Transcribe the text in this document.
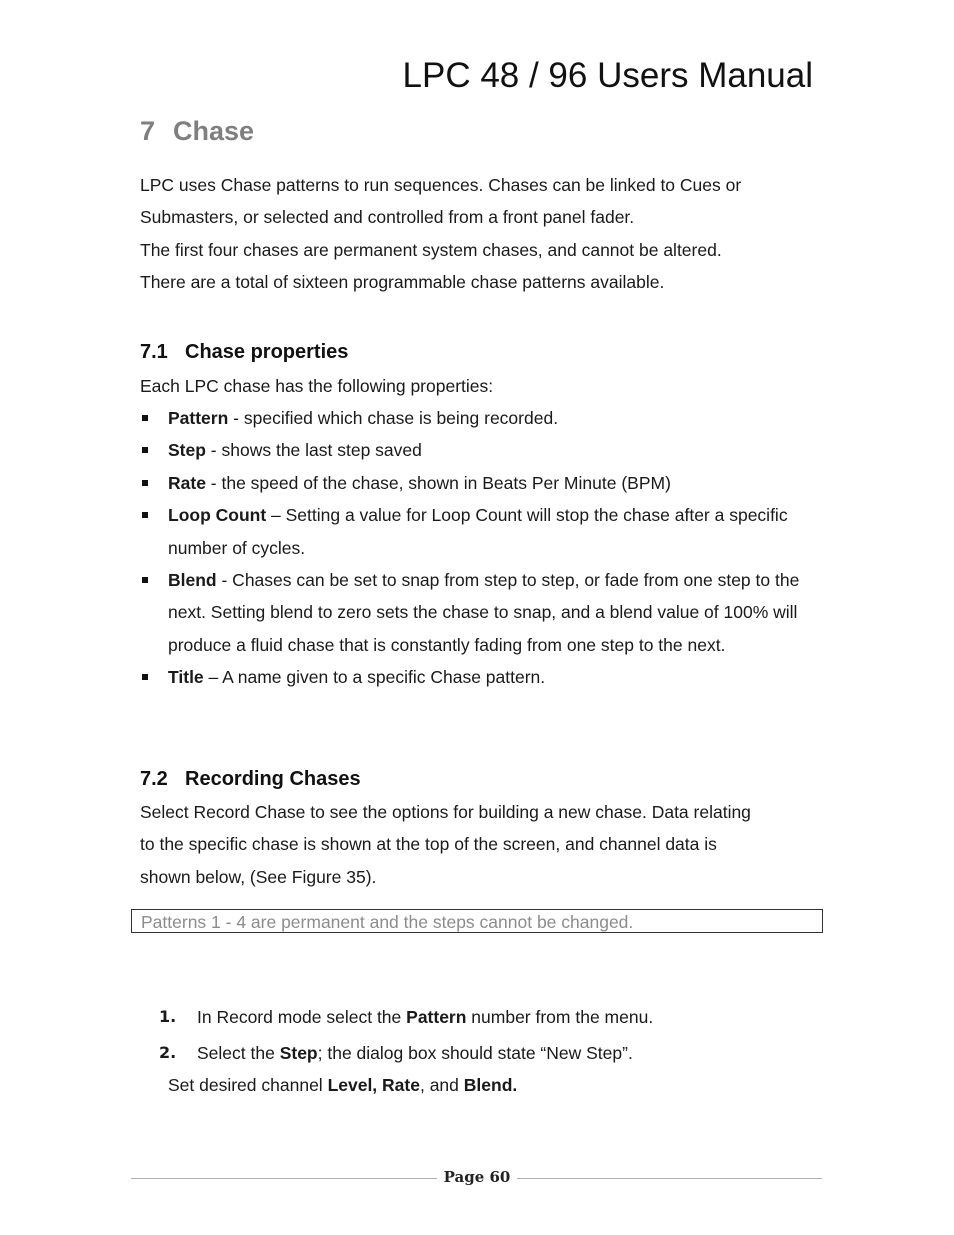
LPC 48 / 96 Users Manual
7 Chase
LPC uses Chase patterns to run sequences. Chases can be linked to Cues or
Submasters, or selected and controlled from a front panel fader.
The first four chases are permanent system chases, and cannot be altered.
There are a total of sixteen programmable chase patterns available.
7.1 Chase properties
Each LPC chase has the following properties:
Pattern - specified which chase is being recorded.
Step - shows the last step saved
Rate - the speed of the chase, shown in Beats Per Minute (BPM)
Loop Count – Setting a value for Loop Count will stop the chase after a specific number of cycles.
Blend - Chases can be set to snap from step to step, or fade from one step to the next. Setting blend to zero sets the chase to snap, and a blend value of 100% will produce a fluid chase that is constantly fading from one step to the next.
Title – A name given to a specific Chase pattern.
7.2 Recording Chases
Select Record Chase to see the options for building a new chase. Data relating
to the specific chase is shown at the top of the screen, and channel data is
shown below, (See Figure 35).
Patterns 1 - 4 are permanent and the steps cannot be changed.
1. In Record mode select the Pattern number from the menu.
2. Select the Step; the dialog box should state “New Step”.
Set desired channel Level, Rate, and Blend.
Page 60
